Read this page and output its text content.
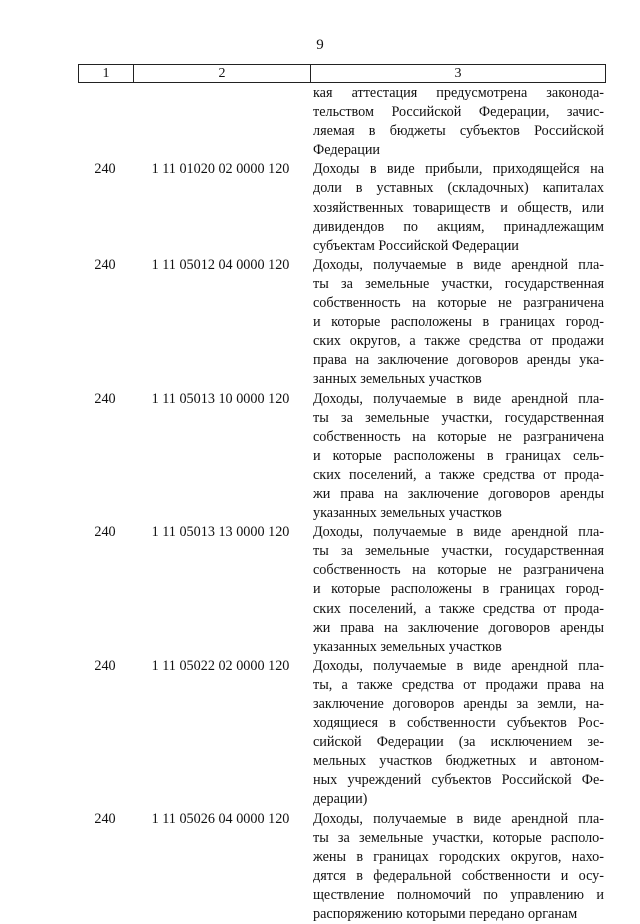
9
1	2	3
кая аттестация предусмотрена законода-
тельством Российской Федерации, зачис-
ляемая в бюджеты субъектов Российской
Федерации
240	1 11 01020 02 0000 120	Доходы в виде прибыли, приходящейся на
доли в уставных (складочных) капиталах
хозяйственных товариществ и обществ, или
дивидендов по акциям, принадлежащим
субъектам Российской Федерации
240	1 11 05012 04 0000 120	Доходы, получаемые в виде арендной пла-
ты за земельные участки, государственная
собственность на которые не разграничена
и которые расположены в границах город-
ских округов, а также средства от продажи
права на заключение договоров аренды ука-
занных земельных участков
240	1 11 05013 10 0000 120	Доходы, получаемые в виде арендной пла-
ты за земельные участки, государственная
собственность на которые не разграничена
и которые расположены в границах сель-
ских поселений, а также средства от прода-
жи права на заключение договоров аренды
указанных земельных участков
240	1 11 05013 13 0000 120	Доходы, получаемые в виде арендной пла-
ты за земельные участки, государственная
собственность на которые не разграничена
и которые расположены в границах город-
ских поселений, а также средства от прода-
жи права на заключение договоров аренды
указанных земельных участков
240	1 11 05022 02 0000 120	Доходы, получаемые в виде арендной пла-
ты, а также средства от продажи права на
заключение договоров аренды за земли, на-
ходящиеся в собственности субъектов Рос-
сийской Федерации (за исключением зе-
мельных участков бюджетных и автоном-
ных учреждений субъектов Российской Фе-
дерации)
240	1 11 05026 04 0000 120	Доходы, получаемые в виде арендной пла-
ты за земельные участки, которые располо-
жены в границах городских округов, нахо-
дятся в федеральной собственности и осу-
ществление полномочий по управлению и
распоряжению которыми передано органам
